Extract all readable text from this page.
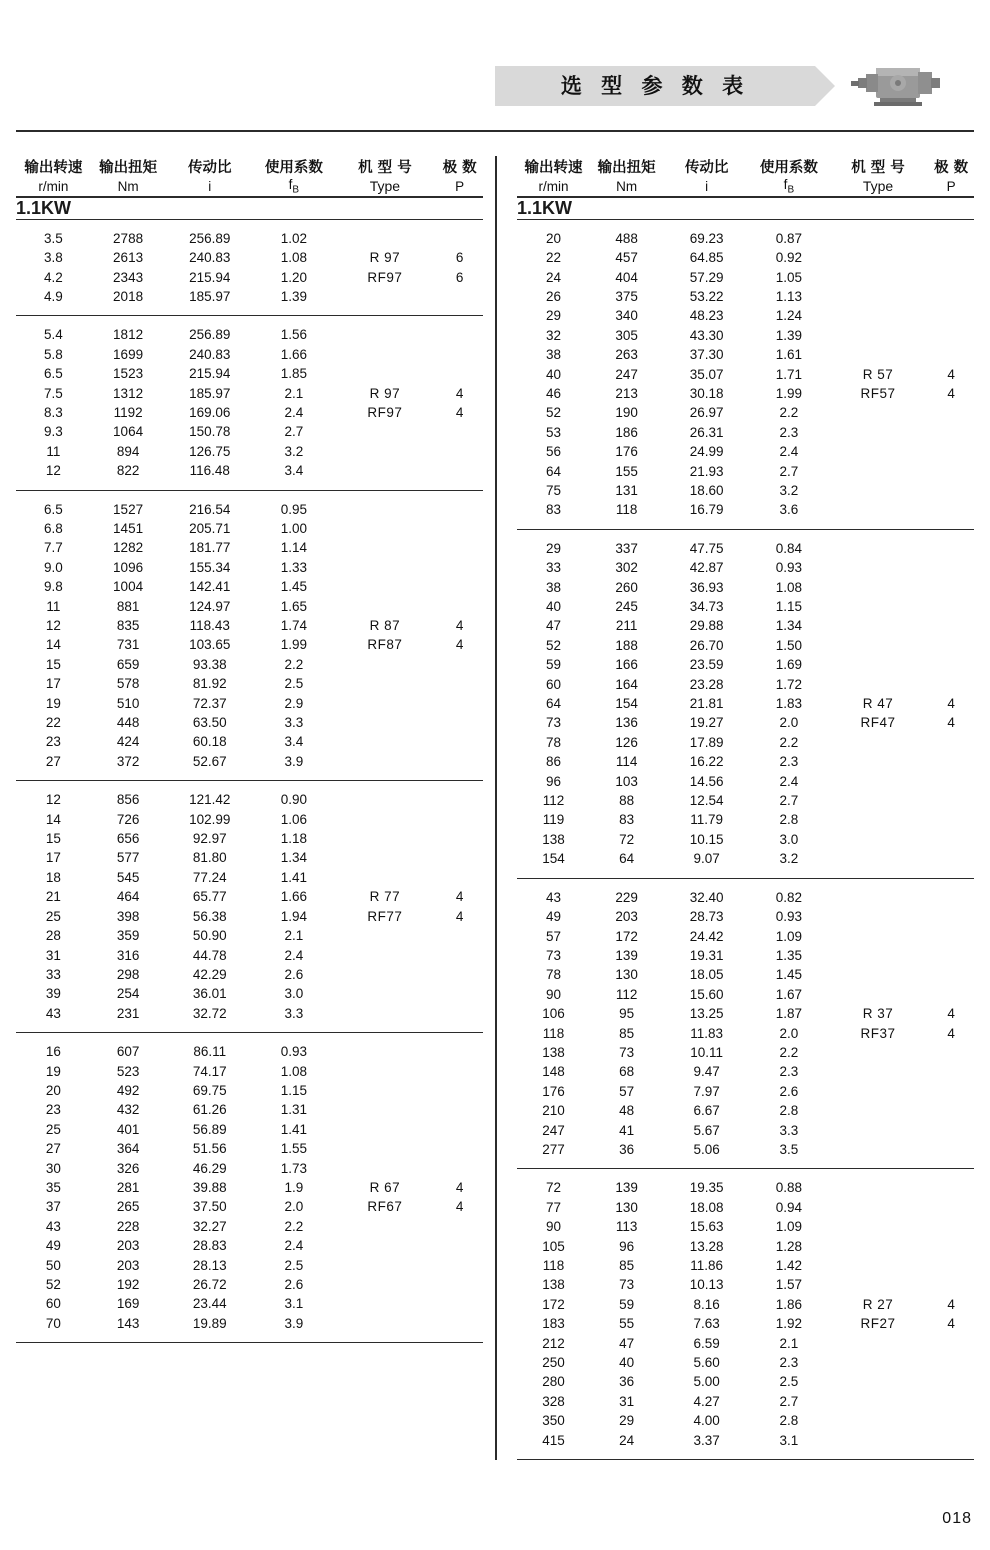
选 型 参 数 表
输出转速	输出扭矩	传动比	使用系数	机 型 号	极 数
r/min	Nm	i	$f_B$	Type	P

1.1KW					

3.5	2788	256.89	1.02		
3.8	2613	240.83	1.08	R 97	6
4.2	2343	215.94	1.20	RF97	6
4.9	2018	185.97	1.39		

5.4	1812	256.89	1.56		
5.8	1699	240.83	1.66		
6.5	1523	215.94	1.85		
7.5	1312	185.97	2.1	R 97	4
8.3	1192	169.06	2.4	RF97	4
9.3	1064	150.78	2.7		
11	894	126.75	3.2		
12	822	116.48	3.4		

6.5	1527	216.54	0.95		
6.8	1451	205.71	1.00		
7.7	1282	181.77	1.14		
9.0	1096	155.34	1.33		
9.8	1004	142.41	1.45		
11	881	124.97	1.65		
12	835	118.43	1.74	R 87	4
14	731	103.65	1.99	RF87	4
15	659	93.38	2.2		
17	578	81.92	2.5		
19	510	72.37	2.9		
22	448	63.50	3.3		
23	424	60.18	3.4		
27	372	52.67	3.9		

12	856	121.42	0.90		
14	726	102.99	1.06		
15	656	92.97	1.18		
17	577	81.80	1.34		
18	545	77.24	1.41		
21	464	65.77	1.66	R 77	4
25	398	56.38	1.94	RF77	4
28	359	50.90	2.1		
31	316	44.78	2.4		
33	298	42.29	2.6		
39	254	36.01	3.0		
43	231	32.72	3.3		

16	607	86.11	0.93		
19	523	74.17	1.08		
20	492	69.75	1.15		
23	432	61.26	1.31		
25	401	56.89	1.41		
27	364	51.56	1.55		
30	326	46.29	1.73		
35	281	39.88	1.9	R 67	4
37	265	37.50	2.0	RF67	4
43	228	32.27	2.2		
49	203	28.83	2.4		
50	203	28.13	2.5		
52	192	26.72	2.6		
60	169	23.44	3.1		
70	143	19.89	3.9		

输出转速	输出扭矩	传动比	使用系数	机 型 号	极 数
r/min	Nm	i	$f_B$	Type	P

1.1KW					

20	488	69.23	0.87		
22	457	64.85	0.92		
24	404	57.29	1.05		
26	375	53.22	1.13		
29	340	48.23	1.24		
32	305	43.30	1.39		
38	263	37.30	1.61		
40	247	35.07	1.71	R 57	4
46	213	30.18	1.99	RF57	4
52	190	26.97	2.2		
53	186	26.31	2.3		
56	176	24.99	2.4		
64	155	21.93	2.7		
75	131	18.60	3.2		
83	118	16.79	3.6		

29	337	47.75	0.84		
33	302	42.87	0.93		
38	260	36.93	1.08		
40	245	34.73	1.15		
47	211	29.88	1.34		
52	188	26.70	1.50		
59	166	23.59	1.69		
60	164	23.28	1.72		
64	154	21.81	1.83	R 47	4
73	136	19.27	2.0	RF47	4
78	126	17.89	2.2		
86	114	16.22	2.3		
96	103	14.56	2.4		
112	88	12.54	2.7		
119	83	11.79	2.8		
138	72	10.15	3.0		
154	64	9.07	3.2		

43	229	32.40	0.82		
49	203	28.73	0.93		
57	172	24.42	1.09		
73	139	19.31	1.35		
78	130	18.05	1.45		
90	112	15.60	1.67		
106	95	13.25	1.87	R 37	4
118	85	11.83	2.0	RF37	4
138	73	10.11	2.2		
148	68	9.47	2.3		
176	57	7.97	2.6		
210	48	6.67	2.8		
247	41	5.67	3.3		
277	36	5.06	3.5		

72	139	19.35	0.88		
77	130	18.08	0.94		
90	113	15.63	1.09		
105	96	13.28	1.28		
118	85	11.86	1.42		
138	73	10.13	1.57		
172	59	8.16	1.86	R 27	4
183	55	7.63	1.92	RF27	4
212	47	6.59	2.1		
250	40	5.60	2.3		
280	36	5.00	2.5		
328	31	4.27	2.7		
350	29	4.00	2.8		
415	24	3.37	3.1		

018
